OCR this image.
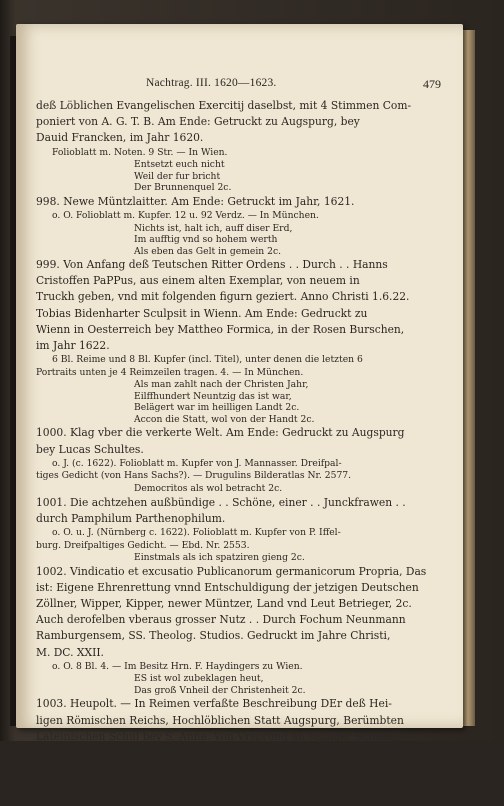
Nachtrag. III. 1620—1623.	479
deß Löblichen Evangelischen Exercitij daselbst, mit 4 Stimmen Com-
poniert von A. G. T. B. Am Ende: Getruckt zu Augspurg, bey
Dauid Francken, im Jahr 1620.
Folioblatt m. Noten. 9 Str. — In Wien.
Entsetzt euch nicht
Weil der fur bricht
Der Brunnenquel 2c.
998. Newe Müntzlaitter. Am Ende: Getruckt im Jahr, 1621.
o. O. Folioblatt m. Kupfer. 12 u. 92 Verdz. — In München.
Nichts ist, halt ich, auff diser Erd,
Im aufftig vnd so hohem werth
Als eben das Gelt in gemein 2c.
999. Von Anfang deß Teutschen Ritter Ordens . . Durch . . Hanns
Cristoffen PaPPus, aus einem alten Exemplar, von neuem in
Truckh geben, vnd mit folgenden figurn geziert. Anno Christi 1.6.22.
Tobias Bidenharter Sculpsit in Wienn. Am Ende: Gedruckt zu
Wienn in Oesterreich bey Mattheo Formica, in der Rosen Burschen,
im Jahr 1622.
6 Bl. Reime und 8 Bl. Kupfer (incl. Titel), unter denen die letzten 6
Portraits unten je 4 Reimzeilen tragen. 4. — In München.
Als man zahlt nach der Christen Jahr,
Eilffhundert Neuntzig das ist war,
Belägert war im heilligen Landt 2c.
Accon die Statt, wol von der Handt 2c.
1000. Klag vber die verkerte Welt. Am Ende: Gedruckt zu Augspurg
bey Lucas Schultes.
o. J. (c. 1622). Folioblatt m. Kupfer von J. Mannasser. Dreifpal-
tiges Gedicht (von Hans Sachs?). — Drugulins Bilderatlas Nr. 2577.
Democritos als wol betracht 2c.
1001. Die achtzehen außbündige . . Schöne, einer . . Junckfrawen . .
durch Pamphilum Parthenophilum.
o. O. u. J. (Nürnberg c. 1622). Folioblatt m. Kupfer von P. Iffel-
burg. Dreifpaltiges Gedicht. — Ebd. Nr. 2553.
Einstmals als ich spatziren gieng 2c.
1002. Vindicatio et excusatio Publicanorum germanicorum Propria, Das
ist: Eigene Ehrenrettung vnnd Entschuldigung der jetzigen Deutschen
Zöllner, Wipper, Kipper, newer Müntzer, Land vnd Leut Betrieger, 2c.
Auch derofelben vberaus grosser Nutz . . Durch Fochum Neunmann
Ramburgensem, SS. Theolog. Studios. Gedruckt im Jahre Christi,
M. DC. XXII.
o. O. 8 Bl. 4. — Im Besitz Hrn. F. Haydingers zu Wien.
ES ist wol zubeklagen heut,
Das groß Vnheil der Christenheit 2c.
1003. Heupolt. — In Reimen verfaßte Beschreibung DEr deß Hei-
ligen Römischen Reichs, Hochlöblichen Statt Augspurg, Berümbten
Lateinischen Schul bey S. Anna. Von Vrsprung an selbiger Schule,
im Jahr 1531 biß ins Jar 1623 . . Durch Bernhardum Heupolt
Praeceptorem daselbsten in Truck verfertiget. Getruckt zu Augspurg,
bey Dauid Francken, 1623.
8 Bl. 4. m. Seiteneinf. — In Augsburg.
